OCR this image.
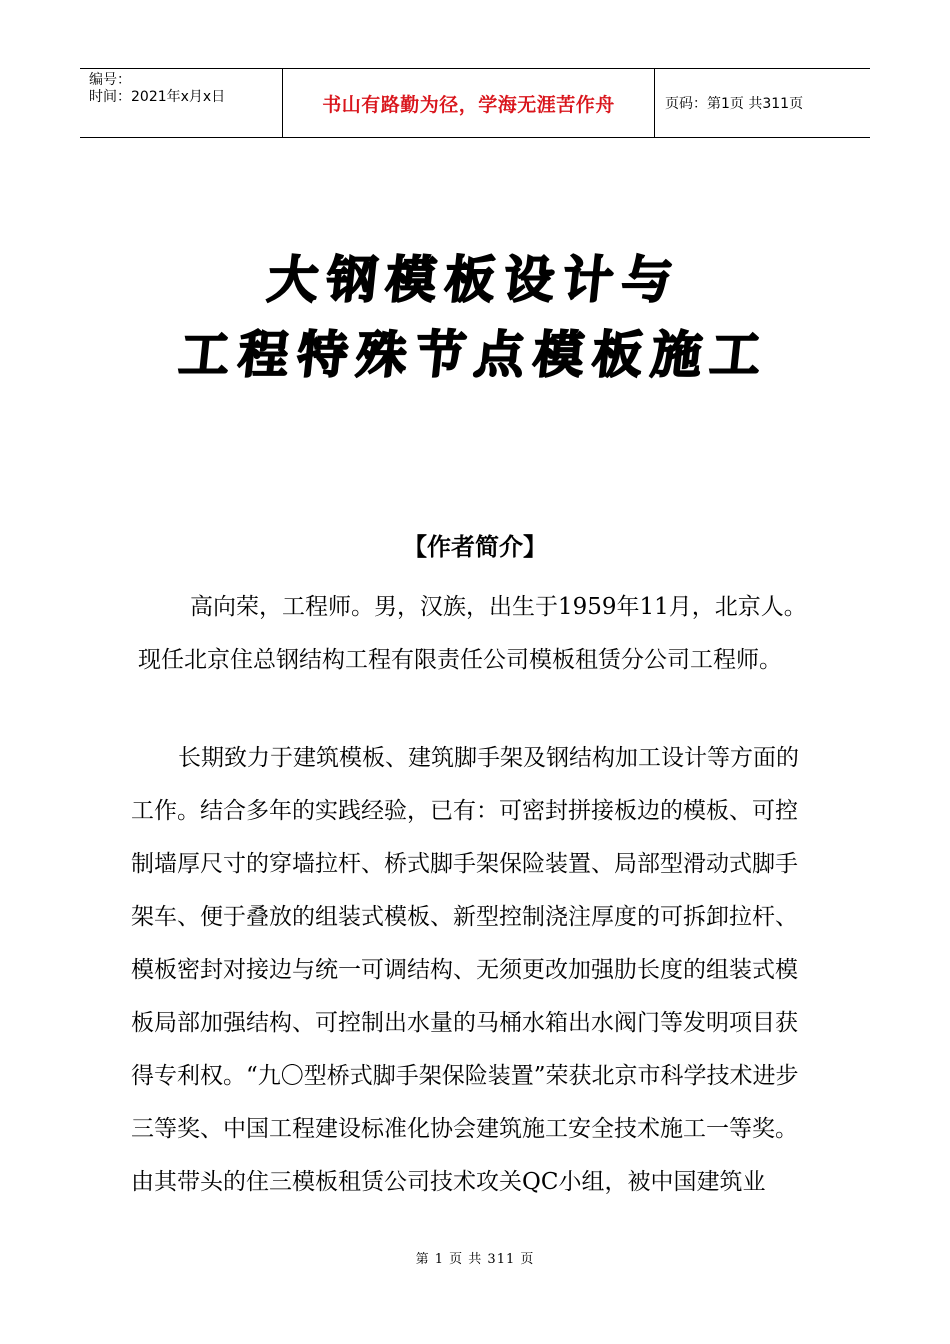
编号：
时间：2021年x月x日	书山有路勤为径，学海无涯苦作舟	页码：第1页 共311页
大钢模板设计与
工程特殊节点模板施工
【作者简介】
高向荣，工程师。男，汉族，出生于1959年11月，北京人。现任北京住总钢结构工程有限责任公司模板租赁分公司工程师。
长期致力于建筑模板、建筑脚手架及钢结构加工设计等方面的工作。结合多年的实践经验，已有：可密封拼接板边的模板、可控制墙厚尺寸的穿墙拉杆、桥式脚手架保险装置、局部型滑动式脚手架车、便于叠放的组装式模板、新型控制浇注厚度的可拆卸拉杆、模板密封对接边与统一可调结构、无须更改加强肋长度的组装式模板局部加强结构、可控制出水量的马桶水箱出水阀门等发明项目获得专利权。“九〇型桥式脚手架保险装置”荣获北京市科学技术进步三等奖、中国工程建设标准化协会建筑施工安全技术施工一等奖。由其带头的住三模板租赁公司技术攻关QC小组，被中国建筑业
第 1 页 共 311 页
